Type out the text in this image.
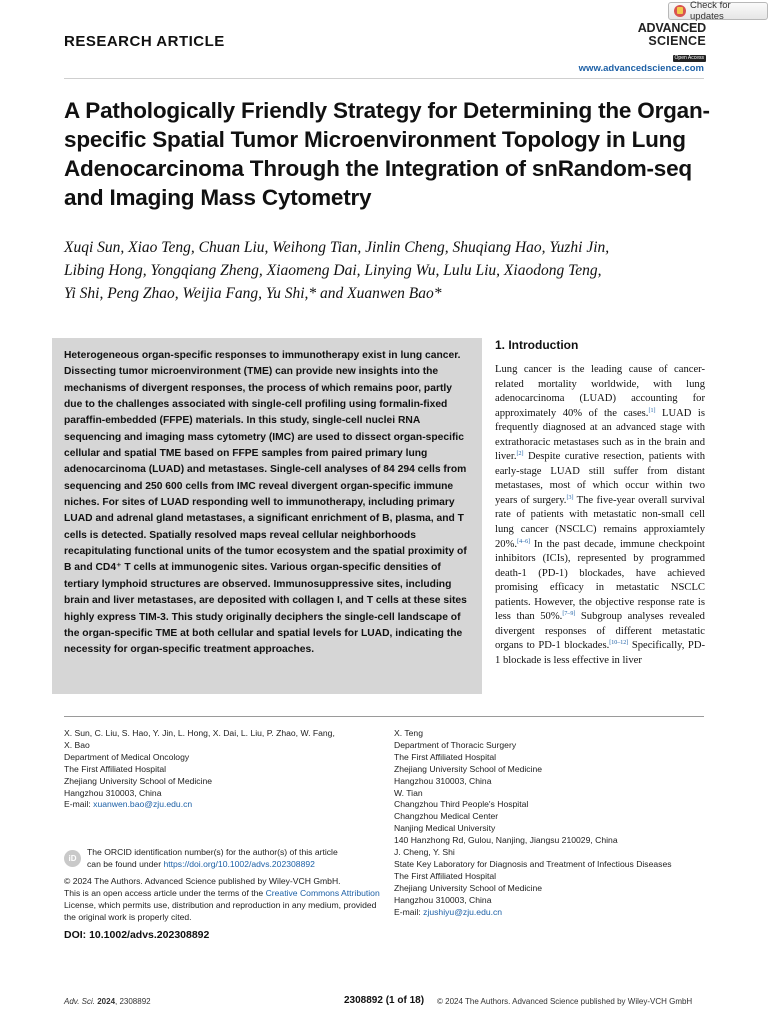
Check for updates
RESEARCH ARTICLE
ADVANCED
SCIENCE
Open Access
www.advancedscience.com
A Pathologically Friendly Strategy for Determining the Organ-specific Spatial Tumor Microenvironment Topology in Lung Adenocarcinoma Through the Integration of snRandom-seq and Imaging Mass Cytometry
Xuqi Sun, Xiao Teng, Chuan Liu, Weihong Tian, Jinlin Cheng, Shuqiang Hao, Yuzhi Jin,
Libing Hong, Yongqiang Zheng, Xiaomeng Dai, Linying Wu, Lulu Liu, Xiaodong Teng,
Yi Shi, Peng Zhao, Weijia Fang, Yu Shi,* and Xuanwen Bao*

Heterogeneous organ-specific responses to immunotherapy exist in lung cancer. Dissecting tumor microenvironment (TME) can provide new insights into the mechanisms of divergent responses, the process of which remains poor, partly due to the challenges associated with single-cell profiling using formalin-fixed paraffin-embedded (FFPE) materials. In this study, single-cell nuclei RNA sequencing and imaging mass cytometry (IMC) are used to dissect organ-specific cellular and spatial TME based on FFPE samples from paired primary lung adenocarcinoma (LUAD) and metastases. Single-cell analyses of 84 294 cells from sequencing and 250 600 cells from IMC reveal divergent organ-specific immune niches. For sites of LUAD responding well to immunotherapy, including primary LUAD and adrenal gland metastases, a significant enrichment of B, plasma, and T cells is detected. Spatially resolved maps reveal cellular neighborhoods recapitulating functional units of the tumor ecosystem and the spatial proximity of B and CD4⁺ T cells at immunogenic sites. Various organ-specific densities of tertiary lymphoid structures are observed. Immunosuppressive sites, including brain and liver metastases, are deposited with collagen I, and T cells at these sites highly express TIM-3. This study originally deciphers the single-cell landscape of the organ-specific TME at both cellular and spatial levels for LUAD, indicating the necessity for organ-specific treatment approaches.

1. Introduction

Lung cancer is the leading cause of cancer-related mortality worldwide, with lung adenocarcinoma (LUAD) accounting for approximately 40% of the cases.[1] LUAD is frequently diagnosed at an advanced stage with extrathoracic metastases such as in the brain and liver.[2] Despite curative resection, patients with early-stage LUAD still suffer from distant metastases, most of which occur within two years of surgery.[3] The five-year overall survival rate of patients with metastatic non-small cell lung cancer (NSCLC) remains approxiamtely 20%.[4–6] In the past decade, immune checkpoint inhibitors (ICIs), represented by programmed death-1 (PD-1) blockades, have achieved promising efficacy in metastatic NSCLC patients. However, the objective response rate is less than 50%.[7–9] Subgroup analyses revealed divergent responses of different metastatic organs to PD-1 blockades.[10–12] Specifically, PD-1 blockade is less effective in liver

X. Sun, C. Liu, S. Hao, Y. Jin, L. Hong, X. Dai, L. Liu, P. Zhao, W. Fang,
X. Bao
Department of Medical Oncology
The First Affiliated Hospital
Zhejiang University School of Medicine
Hangzhou 310003, China
E-mail: xuanwen.bao@zju.edu.cn
iD
The ORCID identification number(s) for the author(s) of this article
can be found under https://doi.org/10.1002/advs.202308892
© 2024 The Authors. Advanced Science published by Wiley-VCH GmbH.
This is an open access article under the terms of the Creative Commons Attribution License, which permits use, distribution and reproduction in any medium, provided the original work is properly cited.
DOI: 10.1002/advs.202308892
X. Teng
Department of Thoracic Surgery
The First Affiliated Hospital
Zhejiang University School of Medicine
Hangzhou 310003, China
W. Tian
Changzhou Third People's Hospital
Changzhou Medical Center
Nanjing Medical University
140 Hanzhong Rd, Gulou, Nanjing, Jiangsu 210029, China
J. Cheng, Y. Shi
State Key Laboratory for Diagnosis and Treatment of Infectious Diseases
The First Affiliated Hospital
Zhejiang University School of Medicine
Hangzhou 310003, China
E-mail: zjushiyu@zju.edu.cn
Adv. Sci. 2024, 2308892	2308892 (1 of 18) © 2024 The Authors. Advanced Science published by Wiley-VCH GmbH
